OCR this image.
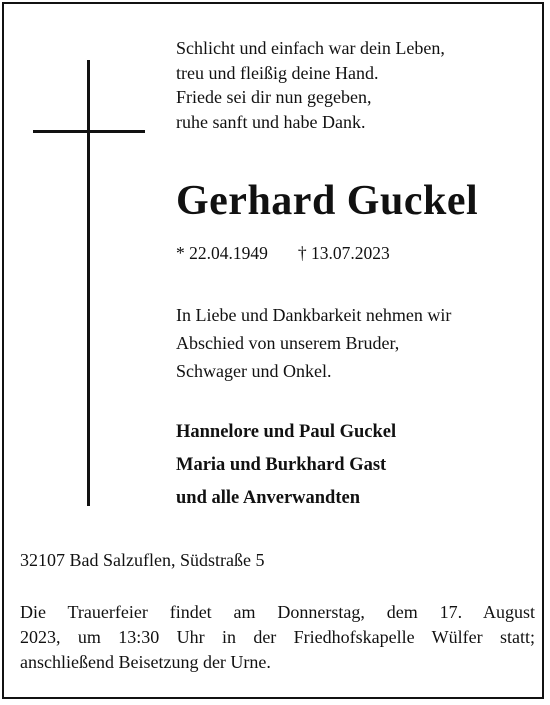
Schlicht und einfach war dein Leben,
treu und fleißig deine Hand.
Friede sei dir nun gegeben,
ruhe sanft und habe Dank.
Gerhard Guckel
* 22.04.1949 † 13.07.2023
In Liebe und Dankbarkeit nehmen wir
Abschied von unserem Bruder,
Schwager und Onkel.
Hannelore und Paul Guckel
Maria und Burkhard Gast
und alle Anverwandten
32107 Bad Salzuflen, Südstraße 5
Die Trauerfeier findet am Donnerstag, dem 17. August
2023, um 13:30 Uhr in der Friedhofskapelle Wülfer statt;
anschließend Beisetzung der Urne.
